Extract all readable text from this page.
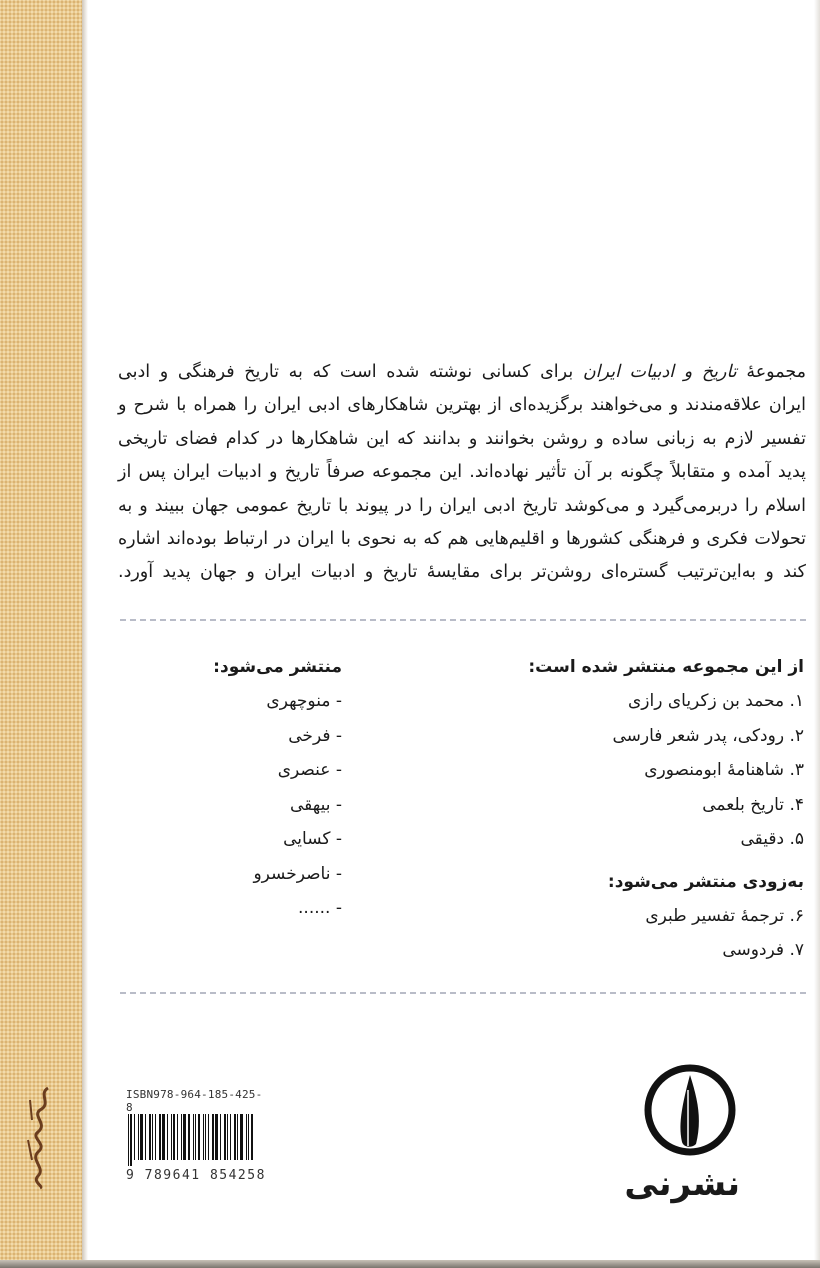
مجموعهٔ تاریخ و ادبیات ایران برای کسانی نوشته شده است که به تاریخ فرهنگی و ادبی
ایران علاقه‌مندند و می‌خواهند برگزیده‌ای از بهترین شاهکارهای ادبی ایران را همراه با شرح و
تفسیر لازم به زبانی ساده و روشن بخوانند و بدانند که این شاهکارها در کدام فضای تاریخی
پدید آمده و متقابلاً چگونه بر آن تأثیر نهاده‌اند. این مجموعه صرفاً تاریخ و ادبیات ایران پس از
اسلام را دربرمی‌گیرد و می‌کوشد تاریخ ادبی ایران را در پیوند با تاریخ عمومی جهان ببیند و به
تحولات فکری و فرهنگی کشورها و اقلیم‌هایی هم که به نحوی با ایران در ارتباط بوده‌اند اشاره
کند و به‌این‌ترتیب گستره‌ای روشن‌تر برای مقایسهٔ تاریخ و ادبیات ایران و جهان پدید آورد.
از این مجموعه منتشر شده است:
۱. محمد بن زکریای رازی
۲. رودکی، پدر شعر فارسی
۳. شاهنامهٔ ابومنصوری
۴. تاریخ بلعمی
۵. دقیقی
به‌زودی منتشر می‌شود:
۶. ترجمهٔ تفسیر طبری
۷. فردوسی
منتشر می‌شود:
- منوچهری
- فرخی
- عنصری
- بیهقی
- کسایی
- ناصرخسرو
- ......
ISBN978-964-185-425-8
9 789641 854258	نشرنی
